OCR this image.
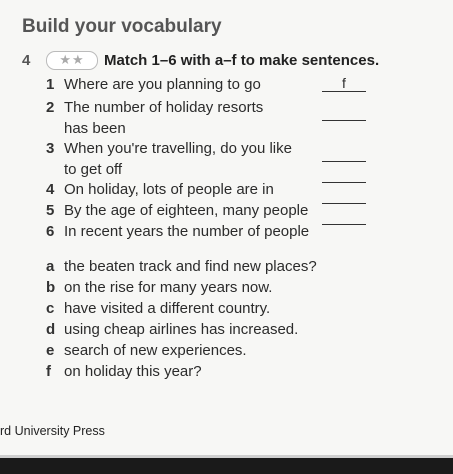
Build your vocabulary
4	★★	Match 1–6 with a–f to make sentences.
1 Where are you planning to go	f
2 The number of holiday resorts
has been
3 When you're travelling, do you like
to get off
4 On holiday, lots of people are in
5 By the age of eighteen, many people
6 In recent years the number of people
a the beaten track and find new places?
b on the rise for many years now.
c have visited a different country.
d using cheap airlines has increased.
e search of new experiences.
f on holiday this year?
rd University Press
